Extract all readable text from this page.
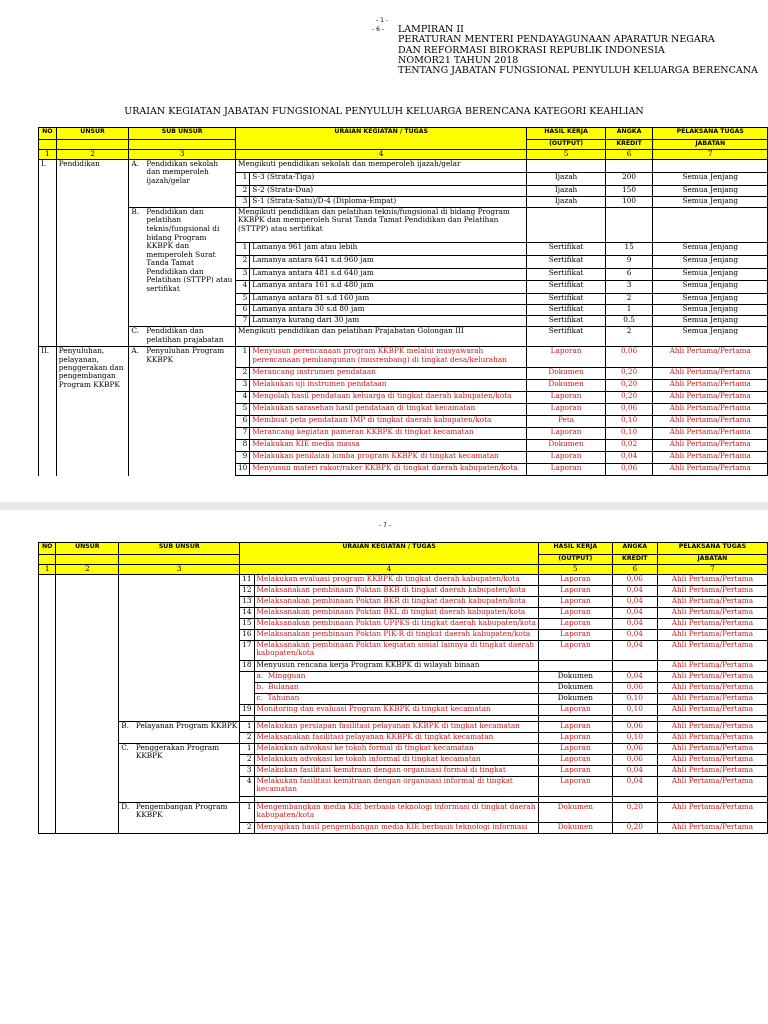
- 1 -
- 6 - LAMPIRAN II
PERATURAN MENTERI PENDAYAGUNAAN APARATUR NEGARA
DAN REFORMASI BIROKRASI REPUBLIK INDONESIA
NOMOR21 TAHUN 2018
TENTANG JABATAN FUNGSIONAL PENYULUH KELUARGA BERENCANA
URAIAN KEGIATAN JABATAN FUNGSIONAL PENYULUH KELUARGA BERENCANA KATEGORI KEAHLIAN
NO	UNSUR	SUB UNSUR		URAIAN KEGIATAN / TUGAS		HASIL KERJA	ANGKA	PELAKSANA TUGAS
						(OUTPUT)	KREDIT	JABATAN
1	2	3		4		5	6	7
I.	Pendidikan	A.	Pendidikan sekolah dan memperoleh ijazah/gelar	Mengikuti pendidikan sekolah dan memperoleh ijazah/gelar				
				1	S-3 (Strata-Tiga)	Ijazah	200	Semua Jenjang
				2	S-2 (Strata-Dua)	Ijazah	150	Semua Jenjang
				3	S-1 (Strata-Satu)/D-4 (Diploma-Empat)	Ijazah	100	Semua Jenjang
		B.	Pendidikan dan pelatihan teknis/fungsional di bidang Program KKBPK dan memperoleh Surat Tanda Tamat Pendidikan dan Pelatihan (STTPP) atau sertifikat	Mengikuti pendidikan dan pelatihan teknis/fungsional di bidang Program KKBPK dan memperoleh Surat Tanda Tamat Pendidikan dan Pelatihan (STTPP) atau sertifikat				
				1	Lamanya 961 jam atau lebih	Sertifikat	15	Semua Jenjang
				2	Lamanya antara 641 s.d 960 jam	Sertifikat	9	Semua Jenjang
				3	Lamanya antara 481 s.d 640 jam	Sertifikat	6	Semua Jenjang
				4	Lamanya antara 161 s.d 480 jam	Sertifikat	3	Semua Jenjang
				5	Lamanya antara 81 s.d 160 jam	Sertifikat	2	Semua Jenjang
				6	Lamanya antara 30 s.d 80 jam	Sertifikat	1	Semua Jenjang
				7	Lamanya kurang dari 30 jam	Sertifikat	0.5	Semua Jenjang
		C.	Pendidikan dan pelatihan prajabatan	Mengikuti pendidikan dan pelatihan Prajabatan Golongan III		Sertifikat	2	Semua Jenjang
II.	Penyuluhan, pelayanan, penggerakan dan pengembangan Program KKBPK	A.	Penyuluhan Program KKBPK	1	Menyusun perencanaan program KKBPK melalui musyawarah perencanaan pembangunan (musrenbang) di tingkat desa/kelurahan	Laporan	0,06	Ahli Pertama/Pertama
				2	Merancang instrumen pendataan	Dokumen	0,20	Ahli Pertama/Pertama
				3	Melakukan uji instrumen pendataan	Dokumen	0,20	Ahli Pertama/Pertama
				4	Mengolah hasil pendataan keluarga di tingkat daerah kabupaten/kota	Laporan	0,20	Ahli Pertama/Pertama
				5	Melakukan sarasehan hasil pendataan di tingkat kecamatan	Laporan	0,06	Ahli Pertama/Pertama
				6	Membuat peta pendataan IMP di tingkat daerah kabupaten/kota	Peta	0,10	Ahli Pertama/Pertama
				7	Merancang kegiatan pameran KKBPK di tingkat kecamatan	Laporan	0,10	Ahli Pertama/Pertama
				8	Melakukan KIE media massa	Dokumen	0,02	Ahli Pertama/Pertama
				9	Melakukan penilaian lomba program KKBPK di tingkat kecamatan	Laporan	0,04	Ahli Pertama/Pertama
				10	Menyusun materi rakor/raker KKBPK di tingkat daerah kabupaten/kota	Laporan	0,06	Ahli Pertama/Pertama
- 7 -
NO	UNSUR	SUB UNSUR		URAIAN KEGIATAN / TUGAS		HASIL KERJA	ANGKA	PELAKSANA TUGAS
						(OUTPUT)	KREDIT	JABATAN
1	2	3		4		5	6	7
				11	Melakukan evaluasi program KKBPK di tingkat daerah kabupaten/kota	Laporan	0,06	Ahli Pertama/Pertama
				12	Melaksanakan pembinaan Poktan BKB di tingkat daerah kabupaten/kota	Laporan	0,04	Ahli Pertama/Pertama
				13	Melaksanakan pembinaan Poktan BKR di tingkat daerah kabupaten/kota	Laporan	0,04	Ahli Pertama/Pertama
				14	Melaksanakan pembinaan Poktan BKL di tingkat daerah kabupaten/kota	Laporan	0,04	Ahli Pertama/Pertama
				15	Melaksanakan pembinaan Poktan UPPKS di tingkat daerah kabupaten/kota	Laporan	0,04	Ahli Pertama/Pertama
				16	Melaksanakan pembinaan Poktan PIK-R di tingkat daerah kabupaten/kota	Laporan	0,04	Ahli Pertama/Pertama
				17	Melaksanakan pembinaan Poktan kegiatan sosial lainnya di tingkat daerah kabupaten/kota	Laporan	0,04	Ahli Pertama/Pertama
				18	Menyusun rencana kerja Program KKBPK di wilayah binaan			Ahli Pertama/Pertama
					a. Mingguan	Dokumen	0,04	Ahli Pertama/Pertama
					b. Bulanan	Dokumen	0,06	Ahli Pertama/Pertama
					c. Tahunan	Dokumen	0,10	Ahli Pertama/Pertama
				19	Monitoring dan evaluasi Program KKBPK di tingkat kecamatan	Laporan	0,10	Ahli Pertama/Pertama

		B.	Pelayanan Program KKBPK	1	Melakukan persiapan fasilitasi pelayanan KKBPK di tingkat kecamatan	Laporan	0,06	Ahli Pertama/Pertama
				2	Melaksanakan fasilitasi pelayanan KKBPK di tingkat kecamatan	Laporan	0,10	Ahli Pertama/Pertama
		C.	Penggerakan Program KKBPK	1	Melakukan advokasi ke tokoh formal di tingkat kecamatan	Laporan	0,06	Ahli Pertama/Pertama
				2	Melakukan advokasi ke tokoh informal di tingkat kecamatan	Laporan	0,06	Ahli Pertama/Pertama
				3	Melakukan fasilitasi kemitraan dengan organisasi formal di tingkat	Laporan	0,04	Ahli Pertama/Pertama
				4	Melakukan fasilitasi kemitraan dengan organisasi informal di tingkat kecamatan	Laporan	0,04	Ahli Pertama/Pertama

		D.	Pengembangan Program KKBPK	1	Mengembangkan media KIE berbasis teknologi informasi di tingkat daerah kabupaten/kota	Dokumen	0,20	Ahli Pertama/Pertama
				2	Menyajikan hasil pengembangan media KIE berbasis teknologi informasi	Dokumen	0,20	Ahli Pertama/Pertama
